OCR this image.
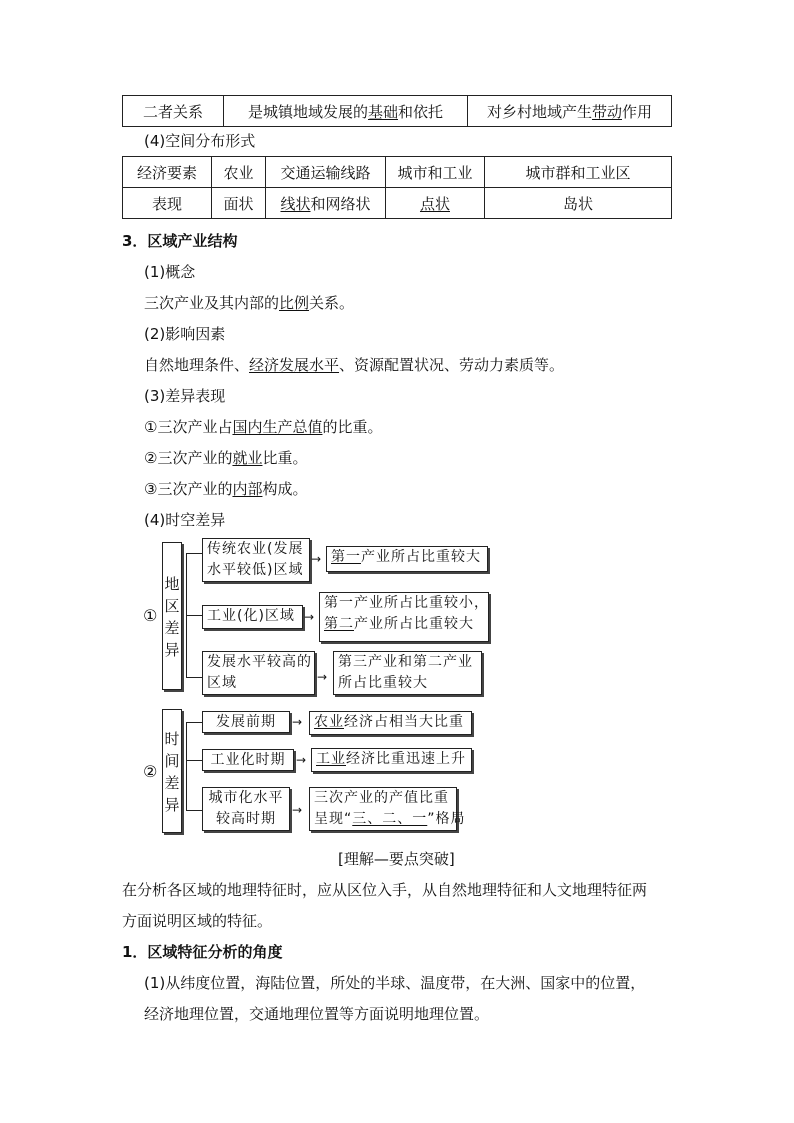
二者关系	是城镇地域发展的基础和依托	对乡村地域产生带动作用
(4)空间分布形式
经济要素	农业	交通运输线路	城市和工业	城市群和工业区
表现	面状	线状和网络状	点状	岛状
3．区域产业结构
(1)概念
三次产业及其内部的比例关系。
(2)影响因素
自然地理条件、经济发展水平、资源配置状况、劳动力素质等。
(3)差异表现
①三次产业占国内生产总值的比重。
②三次产业的就业比重。
③三次产业的内部构成。
(4)时空差异
①
地
区
差
异
传统农业(发展
水平较低)区域
→ 第一产业所占比重较大
工业(化)区域 →
第一产业所占比重较小，
第二产业所占比重较大
发展水平较高的
区域	→
第三产业和第二产业
所占比重较大
②
时
间
差
异
发展前期	→ 农业经济占相当大比重
工业化时期 → 工业经济比重迅速上升
城市化水平
较高时期
→
三次产业的产值比重
呈现“三、二、一”格局
[理解—要点突破]
在分析各区域的地理特征时，应从区位入手，从自然地理特征和人文地理特征两
方面说明区域的特征。
1．区域特征分析的角度
(1)从纬度位置，海陆位置，所处的半球、温度带，在大洲、国家中的位置，
经济地理位置，交通地理位置等方面说明地理位置。
